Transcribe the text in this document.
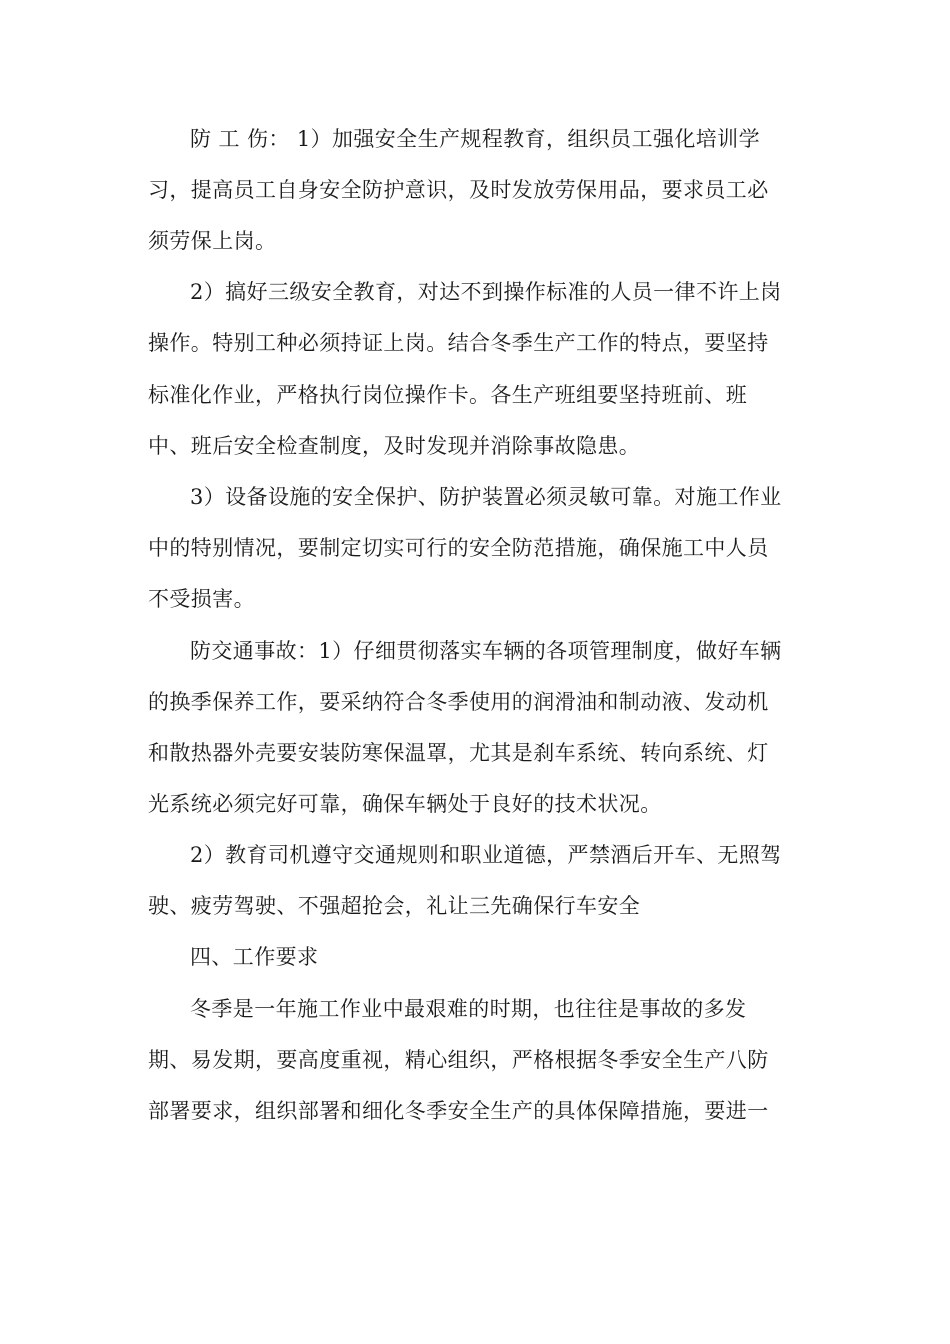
防 工 伤： 1）加强安全生产规程教育，组织员工强化培训学
习，提高员工自身安全防护意识，及时发放劳保用品，要求员工必
须劳保上岗。
2）搞好三级安全教育，对达不到操作标准的人员一律不许上岗
操作。特别工种必须持证上岗。结合冬季生产工作的特点，要坚持
标准化作业，严格执行岗位操作卡。各生产班组要坚持班前、班
中、班后安全检查制度，及时发现并消除事故隐患。
3）设备设施的安全保护、防护装置必须灵敏可靠。对施工作业
中的特别情况，要制定切实可行的安全防范措施，确保施工中人员
不受损害。
防交通事故：1）仔细贯彻落实车辆的各项管理制度，做好车辆
的换季保养工作，要采纳符合冬季使用的润滑油和制动液、发动机
和散热器外壳要安装防寒保温罩，尤其是刹车系统、转向系统、灯
光系统必须完好可靠，确保车辆处于良好的技术状况。
2）教育司机遵守交通规则和职业道德，严禁酒后开车、无照驾
驶、疲劳驾驶、不强超抢会，礼让三先确保行车安全
四、工作要求
冬季是一年施工作业中最艰难的时期，也往往是事故的多发
期、易发期，要高度重视，精心组织，严格根据冬季安全生产八防
部署要求，组织部署和细化冬季安全生产的具体保障措施，要进一
